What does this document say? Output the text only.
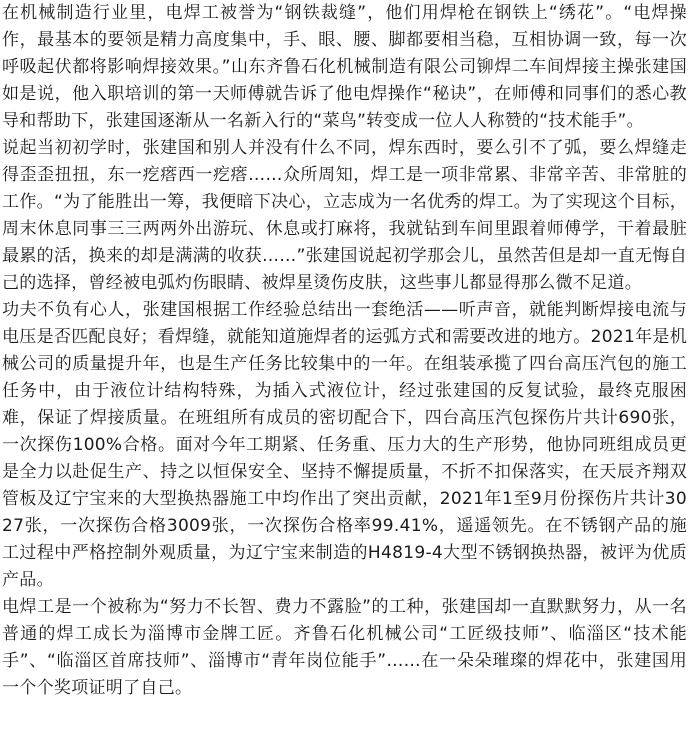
在机械制造行业里，电焊工被誉为“钢铁裁缝”，他们用焊枪在钢铁上“绣花”。“电焊操作，最基本的要领是精力高度集中，手、眼、腰、脚都要相当稳，互相协调一致，每一次呼吸起伏都将影响焊接效果。”山东齐鲁石化机械制造有限公司铆焊二车间焊接主操张建国如是说，他入职培训的第一天师傅就告诉了他电焊操作“秘诀”，在师傅和同事们的悉心教导和帮助下，张建国逐渐从一名新入行的“菜鸟”转变成一位人人称赞的“技术能手”。

说起当初初学时，张建国和别人并没有什么不同，焊东西时，要么引不了弧，要么焊缝走得歪歪扭扭，东一疙瘩西一疙瘩……众所周知，焊工是一项非常累、非常辛苦、非常脏的工作。“为了能胜出一筹，我便暗下决心，立志成为一名优秀的焊工。为了实现这个目标，周末休息同事三三两两外出游玩、休息或打麻将，我就钻到车间里跟着师傅学，干着最脏最累的活，换来的却是满满的收获……”张建国说起初学那会儿，虽然苦但是却一直无悔自己的选择，曾经被电弧灼伤眼睛、被焊星烫伤皮肤，这些事儿都显得那么微不足道。

功夫不负有心人，张建国根据工作经验总结出一套绝活——听声音，就能判断焊接电流与电压是否匹配良好；看焊缝，就能知道施焊者的运弧方式和需要改进的地方。2021年是机械公司的质量提升年，也是生产任务比较集中的一年。在组装承揽了四台高压汽包的施工任务中，由于液位计结构特殊，为插入式液位计，经过张建国的反复试验，最终克服困难，保证了焊接质量。在班组所有成员的密切配合下，四台高压汽包探伤片共计690张，一次探伤100%合格。面对今年工期紧、任务重、压力大的生产形势，他协同班组成员更是全力以赴促生产、持之以恒保安全、坚持不懈提质量，不折不扣保落实，在天辰齐翔双管板及辽宁宝来的大型换热器施工中均作出了突出贡献，2021年1至9月份探伤片共计3027张，一次探伤合格3009张，一次探伤合格率99.41%，遥遥领先。在不锈钢产品的施工过程中严格控制外观质量，为辽宁宝来制造的H4819-4大型不锈钢换热器，被评为优质产品。

电焊工是一个被称为“努力不长智、费力不露脸”的工种，张建国却一直默默努力，从一名普通的焊工成长为淄博市金牌工匠。齐鲁石化机械公司“工匠级技师”、临淄区“技术能手”、“临淄区首席技师”、淄博市“青年岗位能手”……在一朵朵璀璨的焊花中，张建国用一个个奖项证明了自己。
